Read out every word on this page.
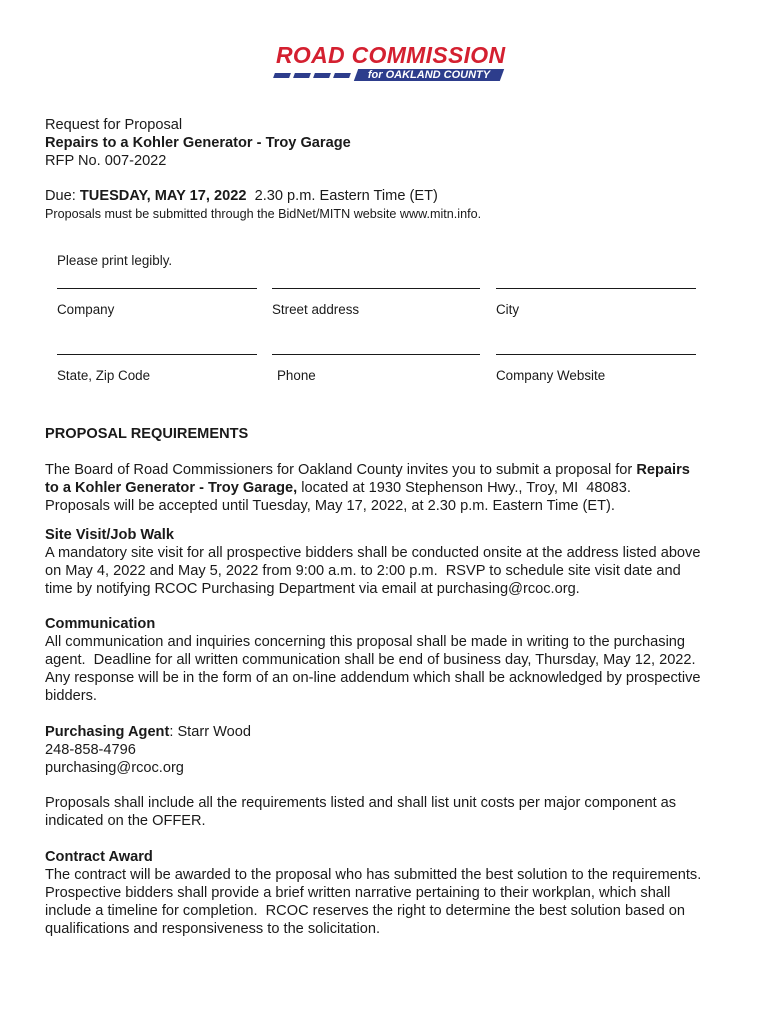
ROAD COMMISSION
for OAKLAND COUNTY
Request for Proposal
Repairs to a Kohler Generator - Troy Garage
RFP No. 007-2022
Due: TUESDAY, MAY 17, 2022  2.30 p.m. Eastern Time (ET)
Proposals must be submitted through the BidNet/MITN website www.mitn.info.
Please print legibly.
Company	Street address	City
State, Zip Code	Phone	Company Website
PROPOSAL REQUIREMENTS
The Board of Road Commissioners for Oakland County invites you to submit a proposal for Repairs
to a Kohler Generator - Troy Garage, located at 1930 Stephenson Hwy., Troy, MI  48083.
Proposals will be accepted until Tuesday, May 17, 2022, at 2.30 p.m. Eastern Time (ET).
Site Visit/Job Walk
A mandatory site visit for all prospective bidders shall be conducted onsite at the address listed above
on May 4, 2022 and May 5, 2022 from 9:00 a.m. to 2:00 p.m.  RSVP to schedule site visit date and
time by notifying RCOC Purchasing Department via email at purchasing@rcoc.org.
Communication
All communication and inquiries concerning this proposal shall be made in writing to the purchasing
agent.  Deadline for all written communication shall be end of business day, Thursday, May 12, 2022.
Any response will be in the form of an on-line addendum which shall be acknowledged by prospective
bidders.
Purchasing Agent: Starr Wood
248-858-4796
purchasing@rcoc.org
Proposals shall include all the requirements listed and shall list unit costs per major component as
indicated on the OFFER.
Contract Award
The contract will be awarded to the proposal who has submitted the best solution to the requirements.
Prospective bidders shall provide a brief written narrative pertaining to their workplan, which shall
include a timeline for completion.  RCOC reserves the right to determine the best solution based on
qualifications and responsiveness to the solicitation.
